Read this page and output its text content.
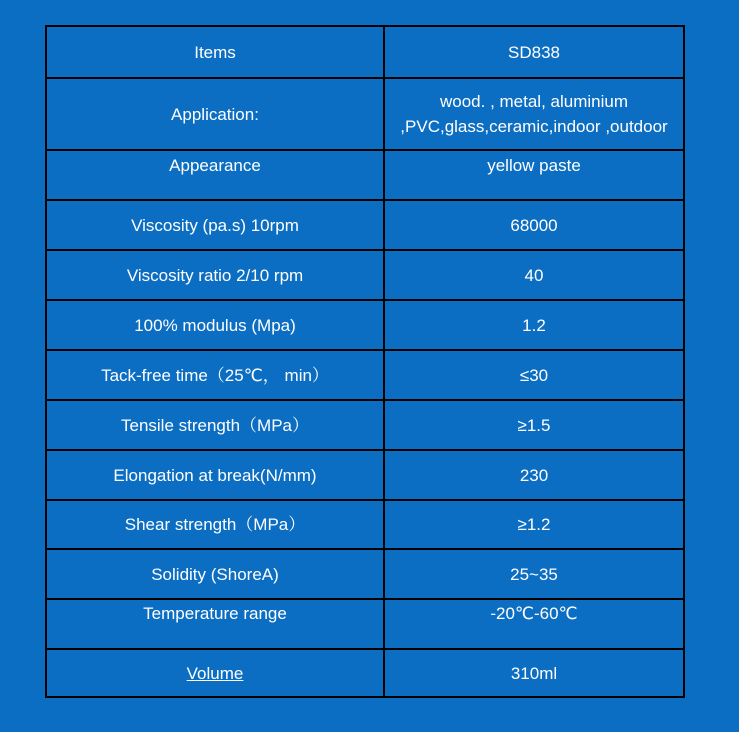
Items	SD838
Application:	wood. , metal, aluminium ,PVC,glass,ceramic,indoor ,outdoor
Appearance	yellow paste
Viscosity (pa.s) 10rpm	68000
Viscosity ratio 2/10 rpm	40
100% modulus (Mpa)	1.2
Tack-free time（25℃， min）	≤30
Tensile strength（MPa）	≥1.5
Elongation at break(N/mm)	230
Shear strength（MPa）	≥1.2
Solidity (ShoreA)	25~35
Temperature range	-20℃-60℃
Volume	310ml
